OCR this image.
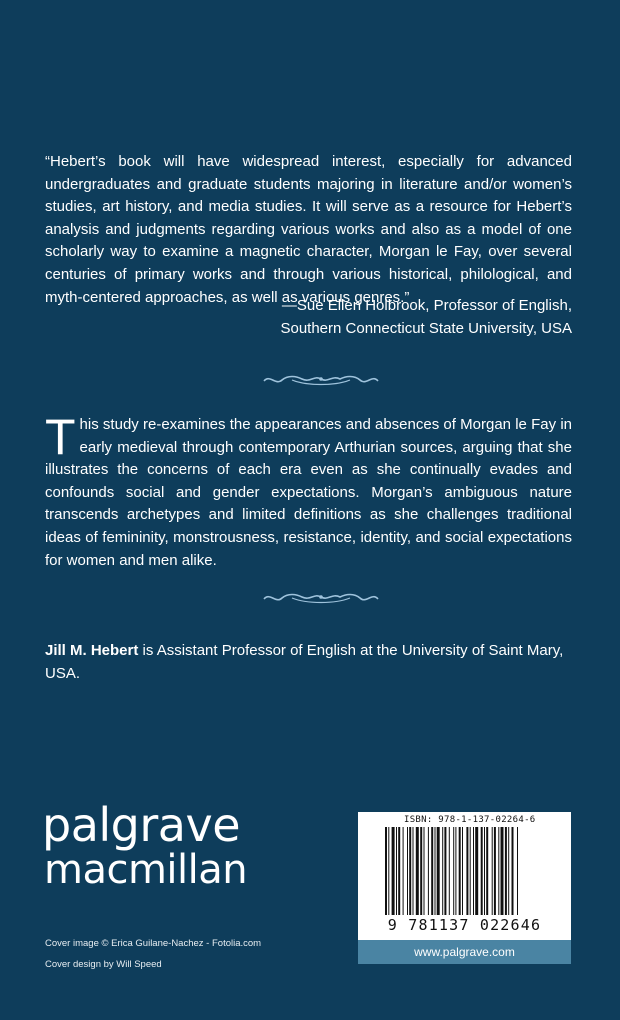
“Hebert’s book will have widespread interest, especially for advanced undergraduates and graduate students majoring in literature and/or women’s studies, art history, and media studies. It will serve as a resource for Hebert’s analysis and judgments regarding various works and also as a model of one scholarly way to examine a magnetic character, Morgan le Fay, over several centuries of primary works and through various historical, philological, and myth-centered approaches, as well as various genres.”
—Sue Ellen Holbrook, Professor of English,
Southern Connecticut State University, USA
This study re-examines the appearances and absences of Morgan le Fay in early medieval through contemporary Arthurian sources, arguing that she illustrates the concerns of each era even as she continually evades and confounds social and gender expectations. Morgan’s ambiguous nature transcends archetypes and limited definitions as she challenges traditional ideas of femininity, monstrousness, resistance, identity, and social expectations for women and men alike.
Jill M. Hebert is Assistant Professor of English at the University of Saint Mary, USA.
palgrave
macmillan
Cover image © Erica Guilane-Nachez - Fotolia.com
Cover design by Will Speed
ISBN: 978-1-137-02264-6
9 781137 022646
www.palgrave.com
